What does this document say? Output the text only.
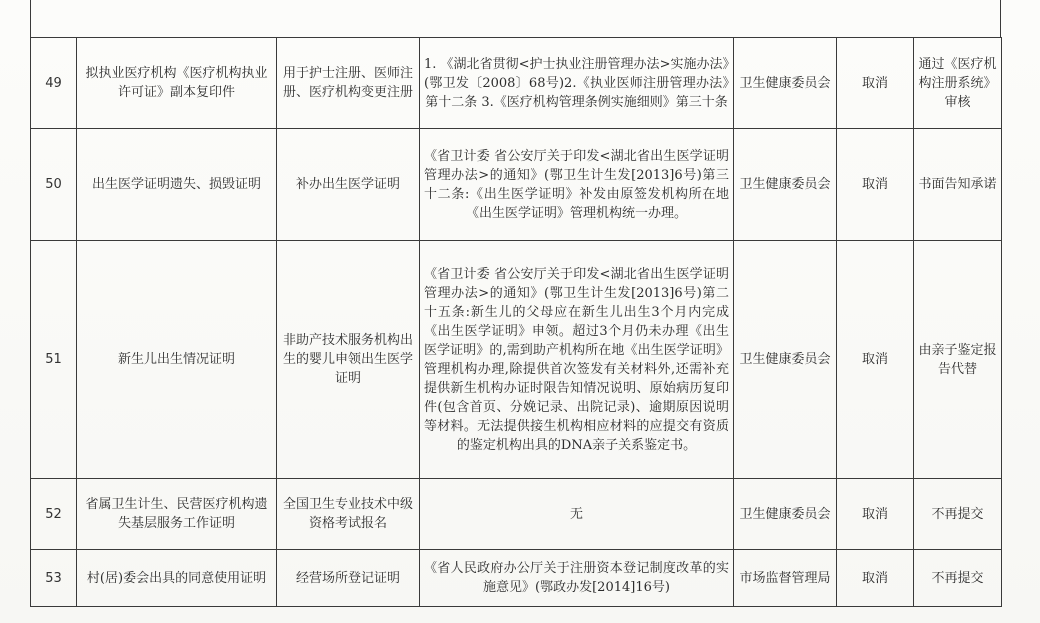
49	拟执业医疗机构《医疗机构执业许可证》副本复印件	用于护士注册、医师注册、医疗机构变更注册	1. 《湖北省贯彻<护士执业注册管理办法>实施办法》(鄂卫发〔2008〕68号)2.《执业医师注册管理办法》第十二条 3.《医疗机构管理条例实施细则》第三十条	卫生健康委员会	取消	通过《医疗机构注册系统》审核
50	出生医学证明遗失、损毁证明	补办出生医学证明	《省卫计委 省公安厅关于印发<湖北省出生医学证明管理办法>的通知》(鄂卫生计生发[2013]6号)第三十二条:《出生医学证明》补发由原签发机构所在地《出生医学证明》管理机构统一办理。	卫生健康委员会	取消	书面告知承诺
51	新生儿出生情况证明	非助产技术服务机构出生的婴儿申领出生医学证明	《省卫计委 省公安厅关于印发<湖北省出生医学证明管理办法>的通知》(鄂卫生计生发[2013]6号)第二十五条:新生儿的父母应在新生儿出生3个月内完成《出生医学证明》申领。超过3个月仍未办理《出生医学证明》的,需到助产机构所在地《出生医学证明》管理机构办理,除提供首次签发有关材料外,还需补充提供新生机构办证时限告知情况说明、原始病历复印件(包含首页、分娩记录、出院记录)、逾期原因说明等材料。无法提供接生机构相应材料的应提交有资质的鉴定机构出具的DNA亲子关系鉴定书。	卫生健康委员会	取消	由亲子鉴定报告代替
52	省属卫生计生、民营医疗机构遗失基层服务工作证明	全国卫生专业技术中级资格考试报名	无	卫生健康委员会	取消	不再提交
53	村(居)委会出具的同意使用证明	经营场所登记证明	《省人民政府办公厅关于注册资本登记制度改革的实施意见》(鄂政办发[2014]16号)	市场监督管理局	取消	不再提交
